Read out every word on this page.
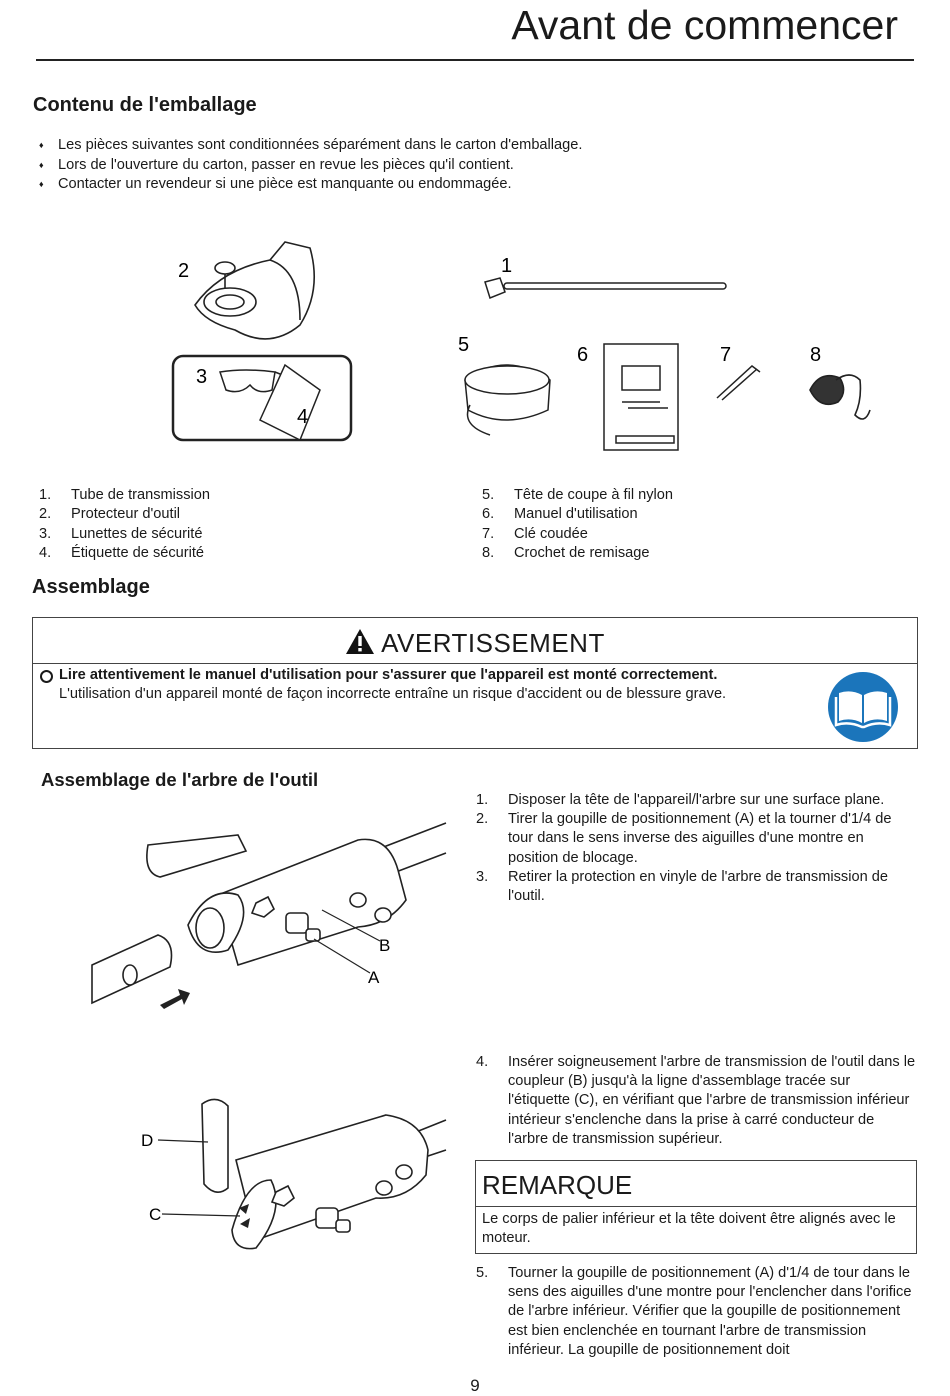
Avant de commencer
Contenu de l'emballage
♦ Les pièces suivantes sont conditionnées séparément dans le carton d'emballage.
♦ Lors de l'ouverture du carton, passer en revue les pièces qu'il contient.
♦ Contacter un revendeur si une pièce est manquante ou endommagée.
2
3
4
1
5	6	7	8
1. Tube de transmission
2. Protecteur d'outil
3. Lunettes de sécurité
4. Étiquette de sécurité
5. Tête de coupe à fil nylon
6. Manuel d'utilisation
7. Clé coudée
8. Crochet de remisage
Assemblage
AVERTISSEMENT
Lire attentivement le manuel d'utilisation pour s'assurer que l'appareil est monté correctement.
L'utilisation d'un appareil monté de façon incorrecte entraîne un risque d'accident ou de blessure grave.
Assemblage de l'arbre de l'outil
B
A
1. Disposer la tête de l'appareil/l'arbre sur une surface plane.
2. Tirer la goupille de positionnement (A) et la tourner d'1/4 de tour dans le sens inverse des aiguilles d'une montre en position de blocage.
3. Retirer la protection en vinyle de l'arbre de transmission de l'outil.
D
C
4. Insérer soigneusement l'arbre de transmission de l'outil dans le coupleur (B) jusqu'à la ligne d'assemblage tracée sur l'étiquette (C), en vérifiant que l'arbre de transmission inférieur intérieur s'enclenche dans la prise à carré conducteur de l'arbre de transmission supérieur.
REMARQUE
Le corps de palier inférieur et la tête doivent être alignés avec le moteur.
5. Tourner la goupille de positionnement (A) d'1/4 de tour dans le sens des aiguilles d'une montre pour l'enclencher dans l'orifice de l'arbre inférieur. Vérifier que la goupille de positionnement est bien enclenchée en tournant l'arbre de transmission inférieur. La goupille de positionnement doit
9
